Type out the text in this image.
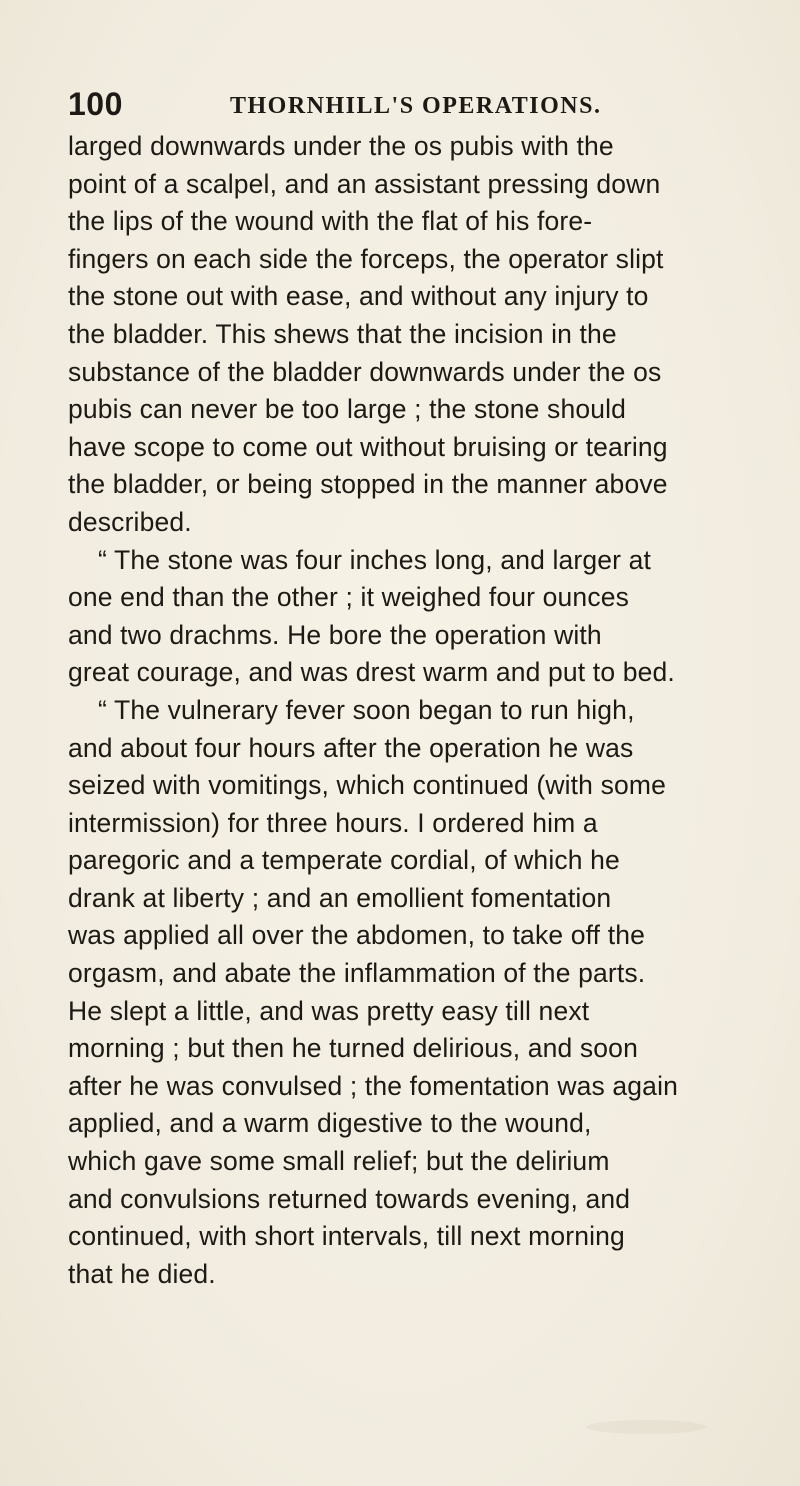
100	THORNHILL'S OPERATIONS.
larged downwards under the os pubis with the
point of a scalpel, and an assistant pressing down
the lips of the wound with the flat of his fore-
fingers on each side the forceps, the operator slipt
the stone out with ease, and without any injury to
the bladder. This shews that the incision in the
substance of the bladder downwards under the os
pubis can never be too large ; the stone should
have scope to come out without bruising or tearing
the bladder, or being stopped in the manner above
described.
“ The stone was four inches long, and larger at
one end than the other ; it weighed four ounces
and two drachms. He bore the operation with
great courage, and was drest warm and put to bed.
“ The vulnerary fever soon began to run high,
and about four hours after the operation he was
seized with vomitings, which continued (with some
intermission) for three hours. I ordered him a
paregoric and a temperate cordial, of which he
drank at liberty ; and an emollient fomentation
was applied all over the abdomen, to take off the
orgasm, and abate the inflammation of the parts.
He slept a little, and was pretty easy till next
morning ; but then he turned delirious, and soon
after he was convulsed ; the fomentation was again
applied, and a warm digestive to the wound,
which gave some small relief; but the delirium
and convulsions returned towards evening, and
continued, with short intervals, till next morning
that he died.
